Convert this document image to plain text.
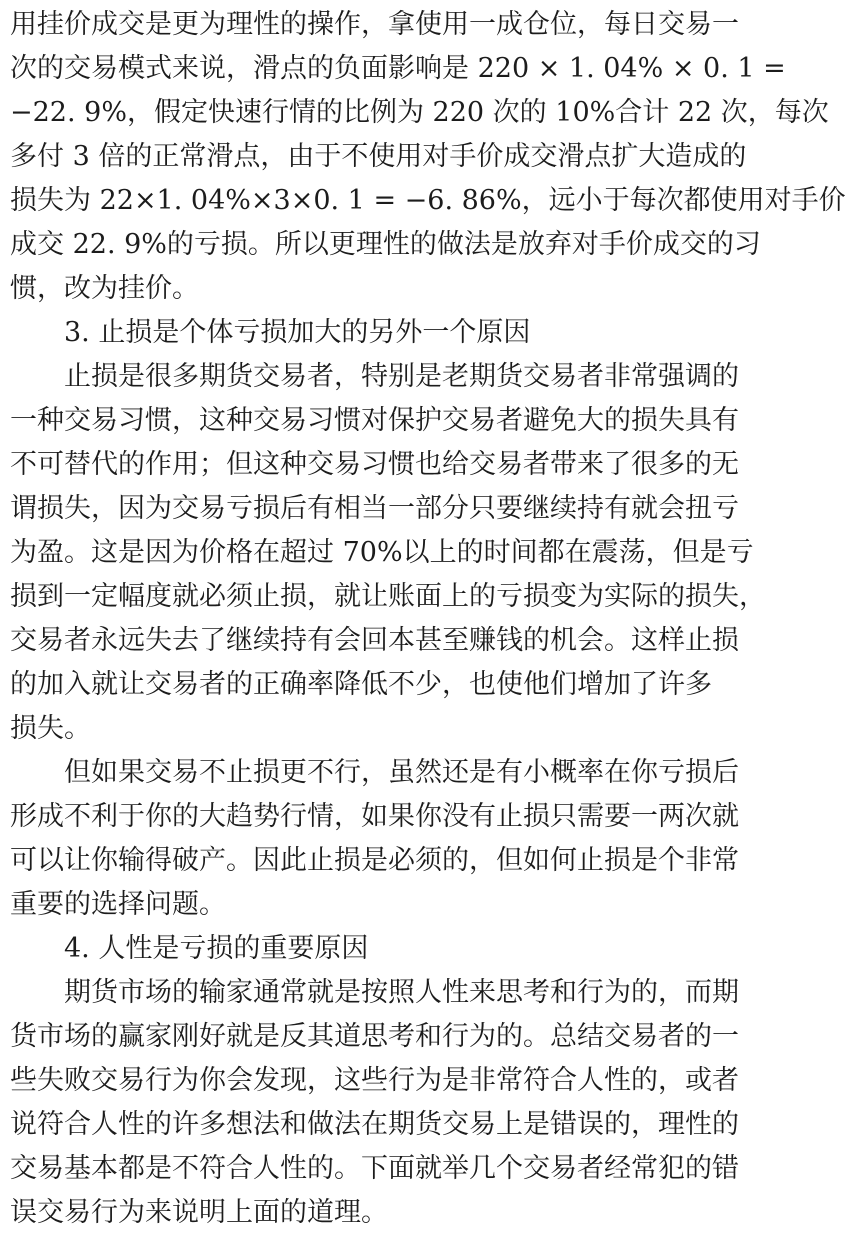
用挂价成交是更为理性的操作，拿使用一成仓位，每日交易一
次的交易模式来说，滑点的负面影响是 220 × 1. 04% × 0. 1 =
−22. 9%，假定快速行情的比例为 220 次的 10%合计 22 次，每次
多付 3 倍的正常滑点，由于不使用对手价成交滑点扩大造成的
损失为 22×1. 04%×3×0. 1 = −6. 86%，远小于每次都使用对手价
成交 22. 9%的亏损。所以更理性的做法是放弃对手价成交的习
惯，改为挂价。
3. 止损是个体亏损加大的另外一个原因
止损是很多期货交易者，特别是老期货交易者非常强调的
一种交易习惯，这种交易习惯对保护交易者避免大的损失具有
不可替代的作用；但这种交易习惯也给交易者带来了很多的无
谓损失，因为交易亏损后有相当一部分只要继续持有就会扭亏
为盈。这是因为价格在超过 70%以上的时间都在震荡，但是亏
损到一定幅度就必须止损，就让账面上的亏损变为实际的损失，
交易者永远失去了继续持有会回本甚至赚钱的机会。这样止损
的加入就让交易者的正确率降低不少，也使他们增加了许多
损失。
但如果交易不止损更不行，虽然还是有小概率在你亏损后
形成不利于你的大趋势行情，如果你没有止损只需要一两次就
可以让你输得破产。因此止损是必须的，但如何止损是个非常
重要的选择问题。
4. 人性是亏损的重要原因
期货市场的输家通常就是按照人性来思考和行为的，而期
货市场的赢家刚好就是反其道思考和行为的。总结交易者的一
些失败交易行为你会发现，这些行为是非常符合人性的，或者
说符合人性的许多想法和做法在期货交易上是错误的，理性的
交易基本都是不符合人性的。下面就举几个交易者经常犯的错
误交易行为来说明上面的道理。
